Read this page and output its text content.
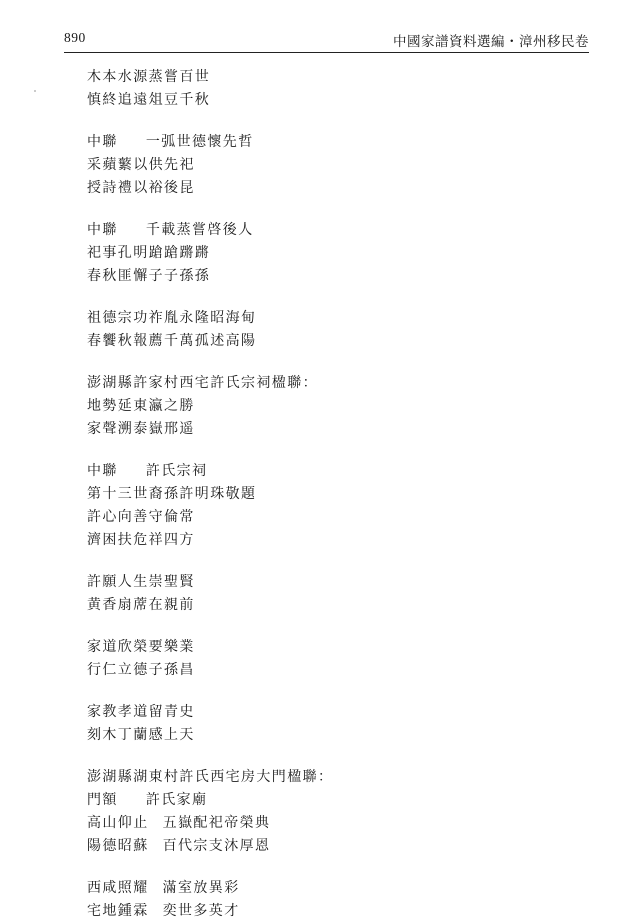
890	中國家譜資料選編・漳州移民卷
木本水源蒸嘗百世
慎終追遠俎豆千秋
中聯 一弧世德懷先哲
采蘋蘩以供先祀
授詩禮以裕後昆
中聯 千載蒸嘗啓後人
祀事孔明蹌蹌蹡蹡
春秋匪懈子子孫孫
祖德宗功祚胤永隆昭海甸
春饗秋報薦千萬孤述高陽
澎湖縣許家村西宅許氏宗祠楹聯：
地勢延東瀛之勝
家聲溯泰嶽邢遥
中聯 許氏宗祠
第十三世裔孫許明珠敬題
許心向善守倫常
濟困扶危祥四方
許願人生崇聖賢
黄香扇蓆在親前
家道欣榮要樂業
行仁立德子孫昌
家教孝道留青史
刻木丁蘭感上天
澎湖縣湖東村許氏西宅房大門楹聯：
門額 許氏家廟
高山仰止 五嶽配祀帝榮典
陽德昭蘇 百代宗支沐厚恩
西咸照耀 滿室放異彩
宅地鍾霖 奕世多英才
